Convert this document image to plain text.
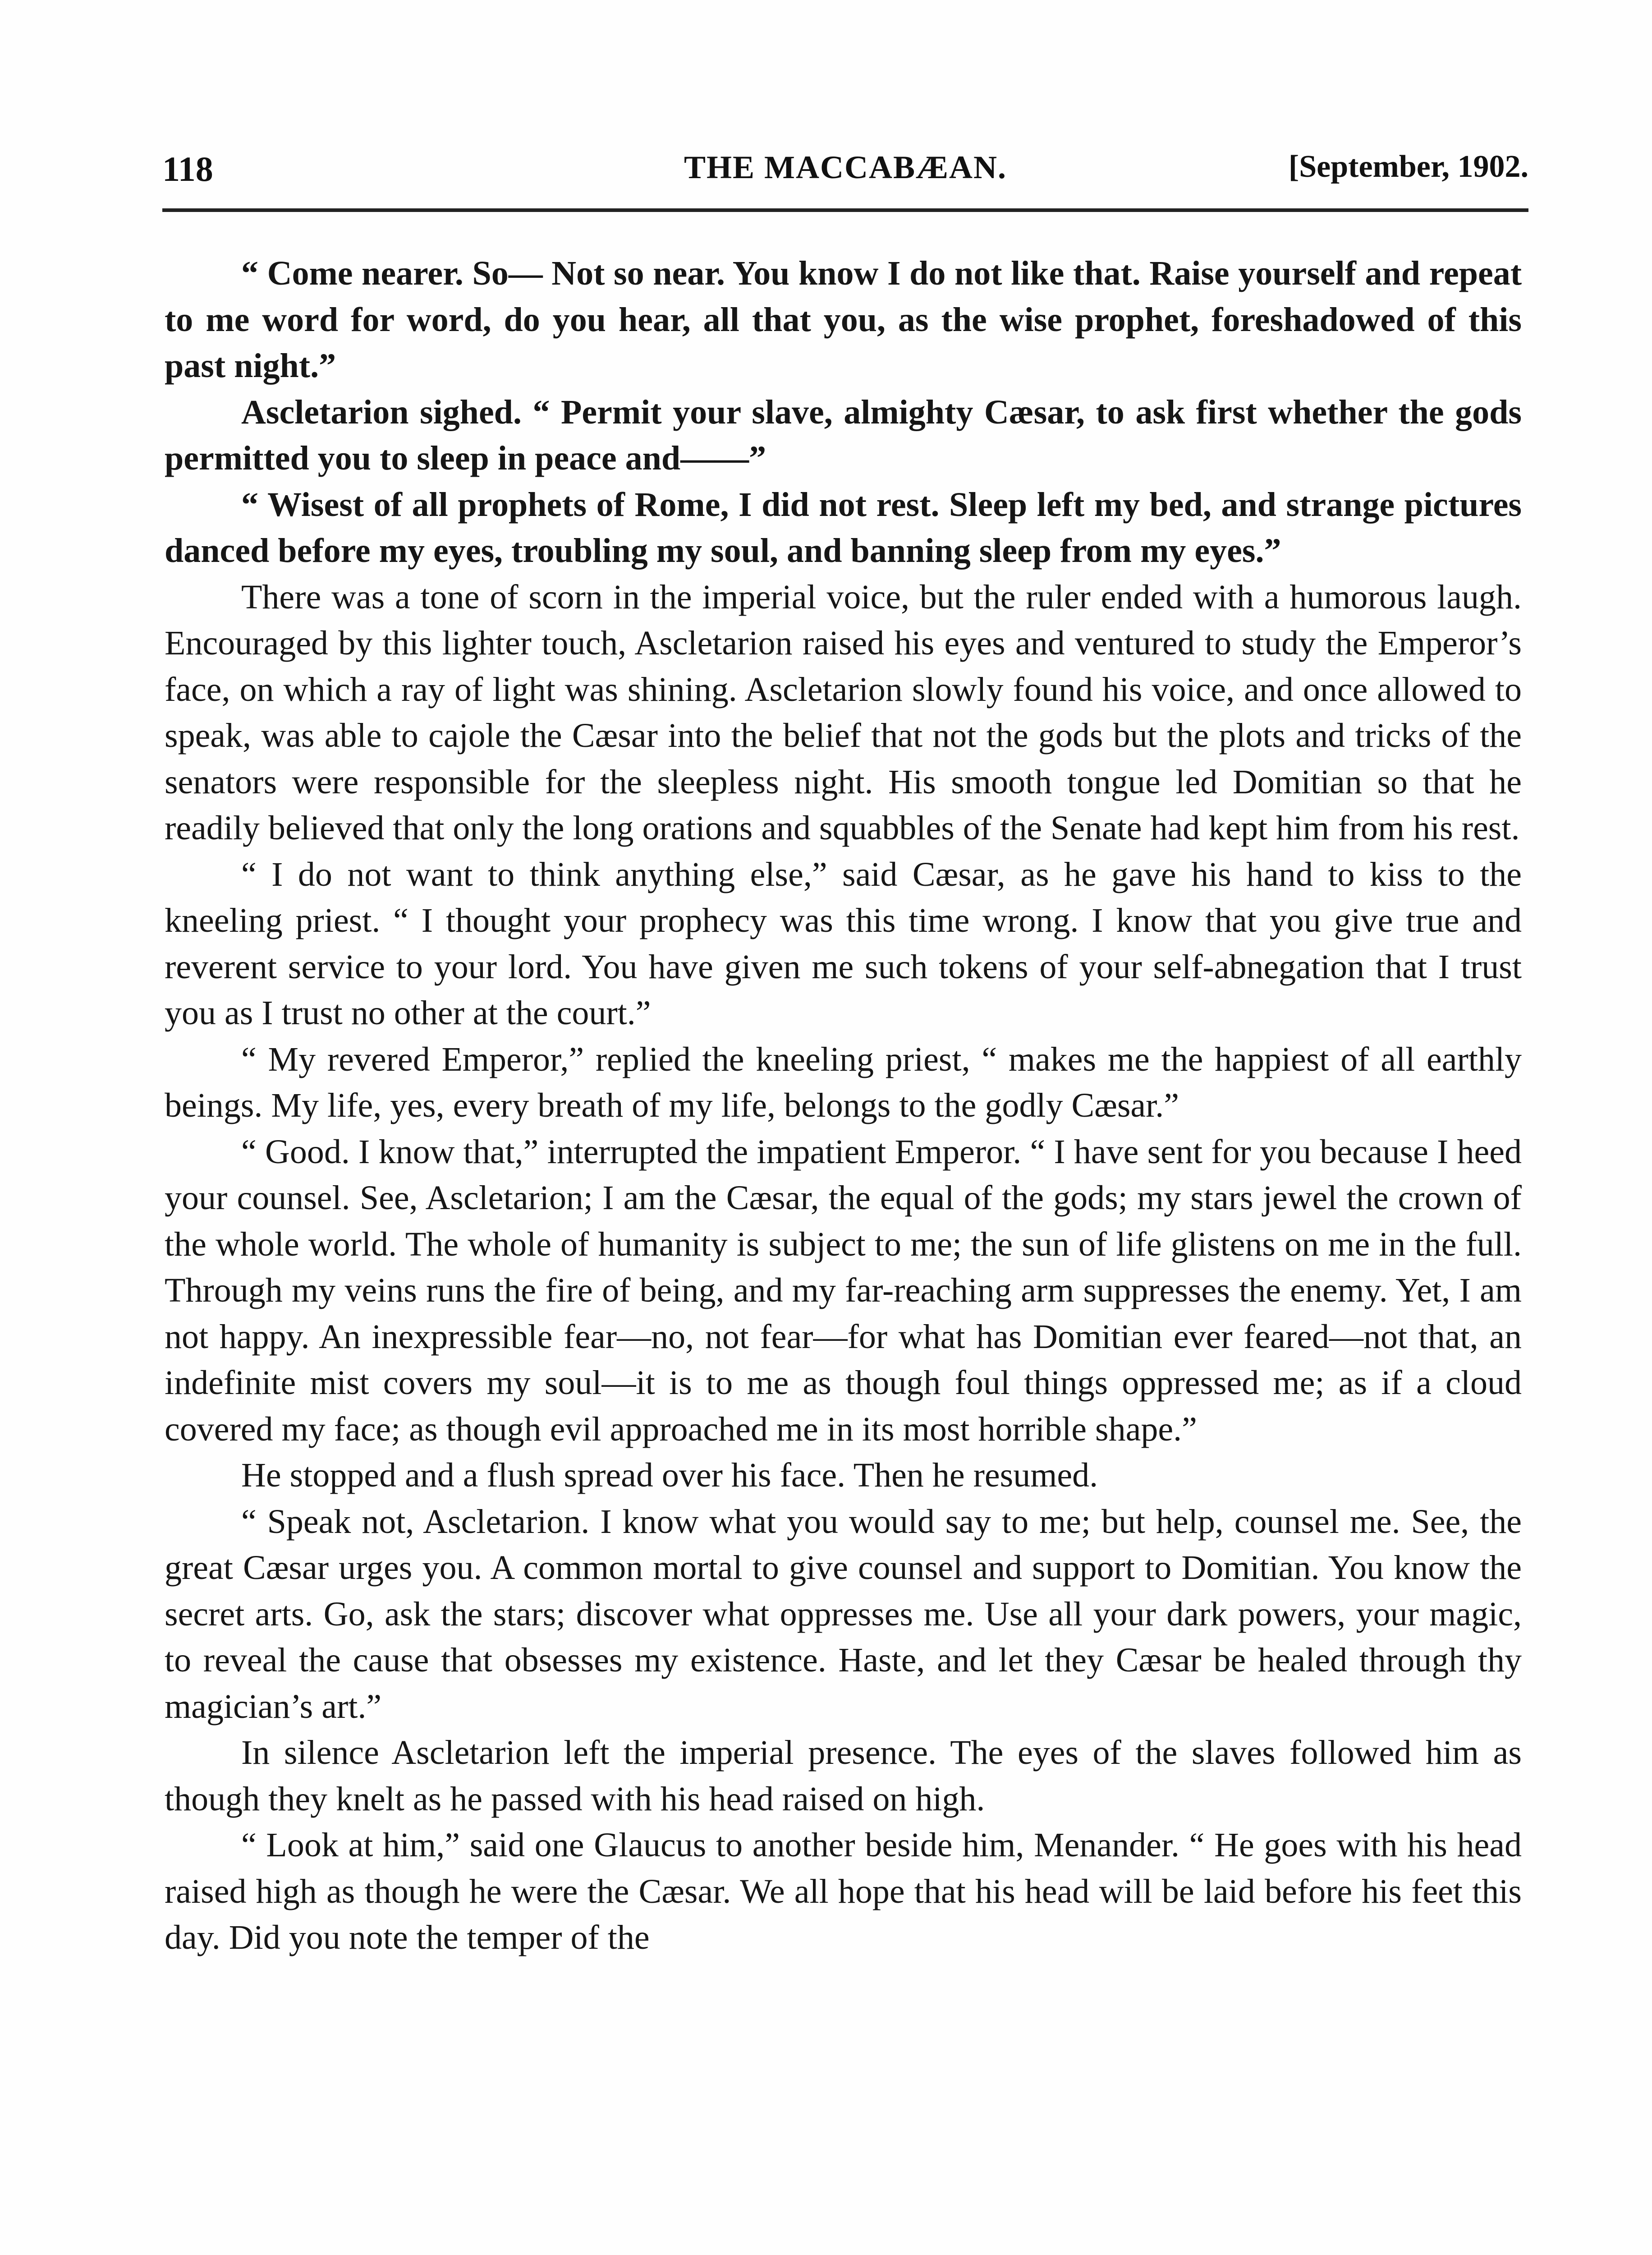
118	THE MACCABÆAN.	[September, 1902.

“ Come nearer. So— Not so near. You know I do not like that. Raise yourself and repeat to me word for word, do you hear, all that you, as the wise prophet, foreshadowed of this past night.”

Ascletarion sighed. “ Permit your slave, almighty Cæsar, to ask first whether the gods permitted you to sleep in peace and——”

“ Wisest of all prophets of Rome, I did not rest. Sleep left my bed, and strange pictures danced before my eyes, troubling my soul, and banning sleep from my eyes.”

There was a tone of scorn in the imperial voice, but the ruler ended with a humorous laugh. Encouraged by this lighter touch, Ascletarion raised his eyes and ventured to study the Emperor’s face, on which a ray of light was shining. Ascletarion slowly found his voice, and once allowed to speak, was able to cajole the Cæsar into the belief that not the gods but the plots and tricks of the senators were responsible for the sleepless night. His smooth tongue led Domitian so that he readily believed that only the long orations and squabbles of the Senate had kept him from his rest.

“ I do not want to think anything else,” said Cæsar, as he gave his hand to kiss to the kneeling priest. “ I thought your prophecy was this time wrong. I know that you give true and reverent service to your lord. You have given me such tokens of your self-abnegation that I trust you as I trust no other at the court.”

“ My revered Emperor,” replied the kneeling priest, “ makes me the happiest of all earthly beings. My life, yes, every breath of my life, belongs to the godly Cæsar.”

“ Good. I know that,” interrupted the impatient Emperor. “ I have sent for you because I heed your counsel. See, Ascletarion; I am the Cæsar, the equal of the gods; my stars jewel the crown of the whole world. The whole of humanity is subject to me; the sun of life glistens on me in the full. Through my veins runs the fire of being, and my far-reaching arm suppresses the enemy. Yet, I am not happy. An inexpressible fear—no, not fear—for what has Domitian ever feared—not that, an indefinite mist covers my soul—it is to me as though foul things oppressed me; as if a cloud covered my face; as though evil approached me in its most horrible shape.”

He stopped and a flush spread over his face. Then he resumed.

“ Speak not, Ascletarion. I know what you would say to me; but help, counsel me. See, the great Cæsar urges you. A common mortal to give counsel and support to Domitian. You know the secret arts. Go, ask the stars; discover what oppresses me. Use all your dark powers, your magic, to reveal the cause that obsesses my existence. Haste, and let they Cæsar be healed through thy magician’s art.”

In silence Ascletarion left the imperial presence. The eyes of the slaves followed him as though they knelt as he passed with his head raised on high.

“ Look at him,” said one Glaucus to another beside him, Menander. “ He goes with his head raised high as though he were the Cæsar. We all hope that his head will be laid before his feet this day. Did you note the temper of the
